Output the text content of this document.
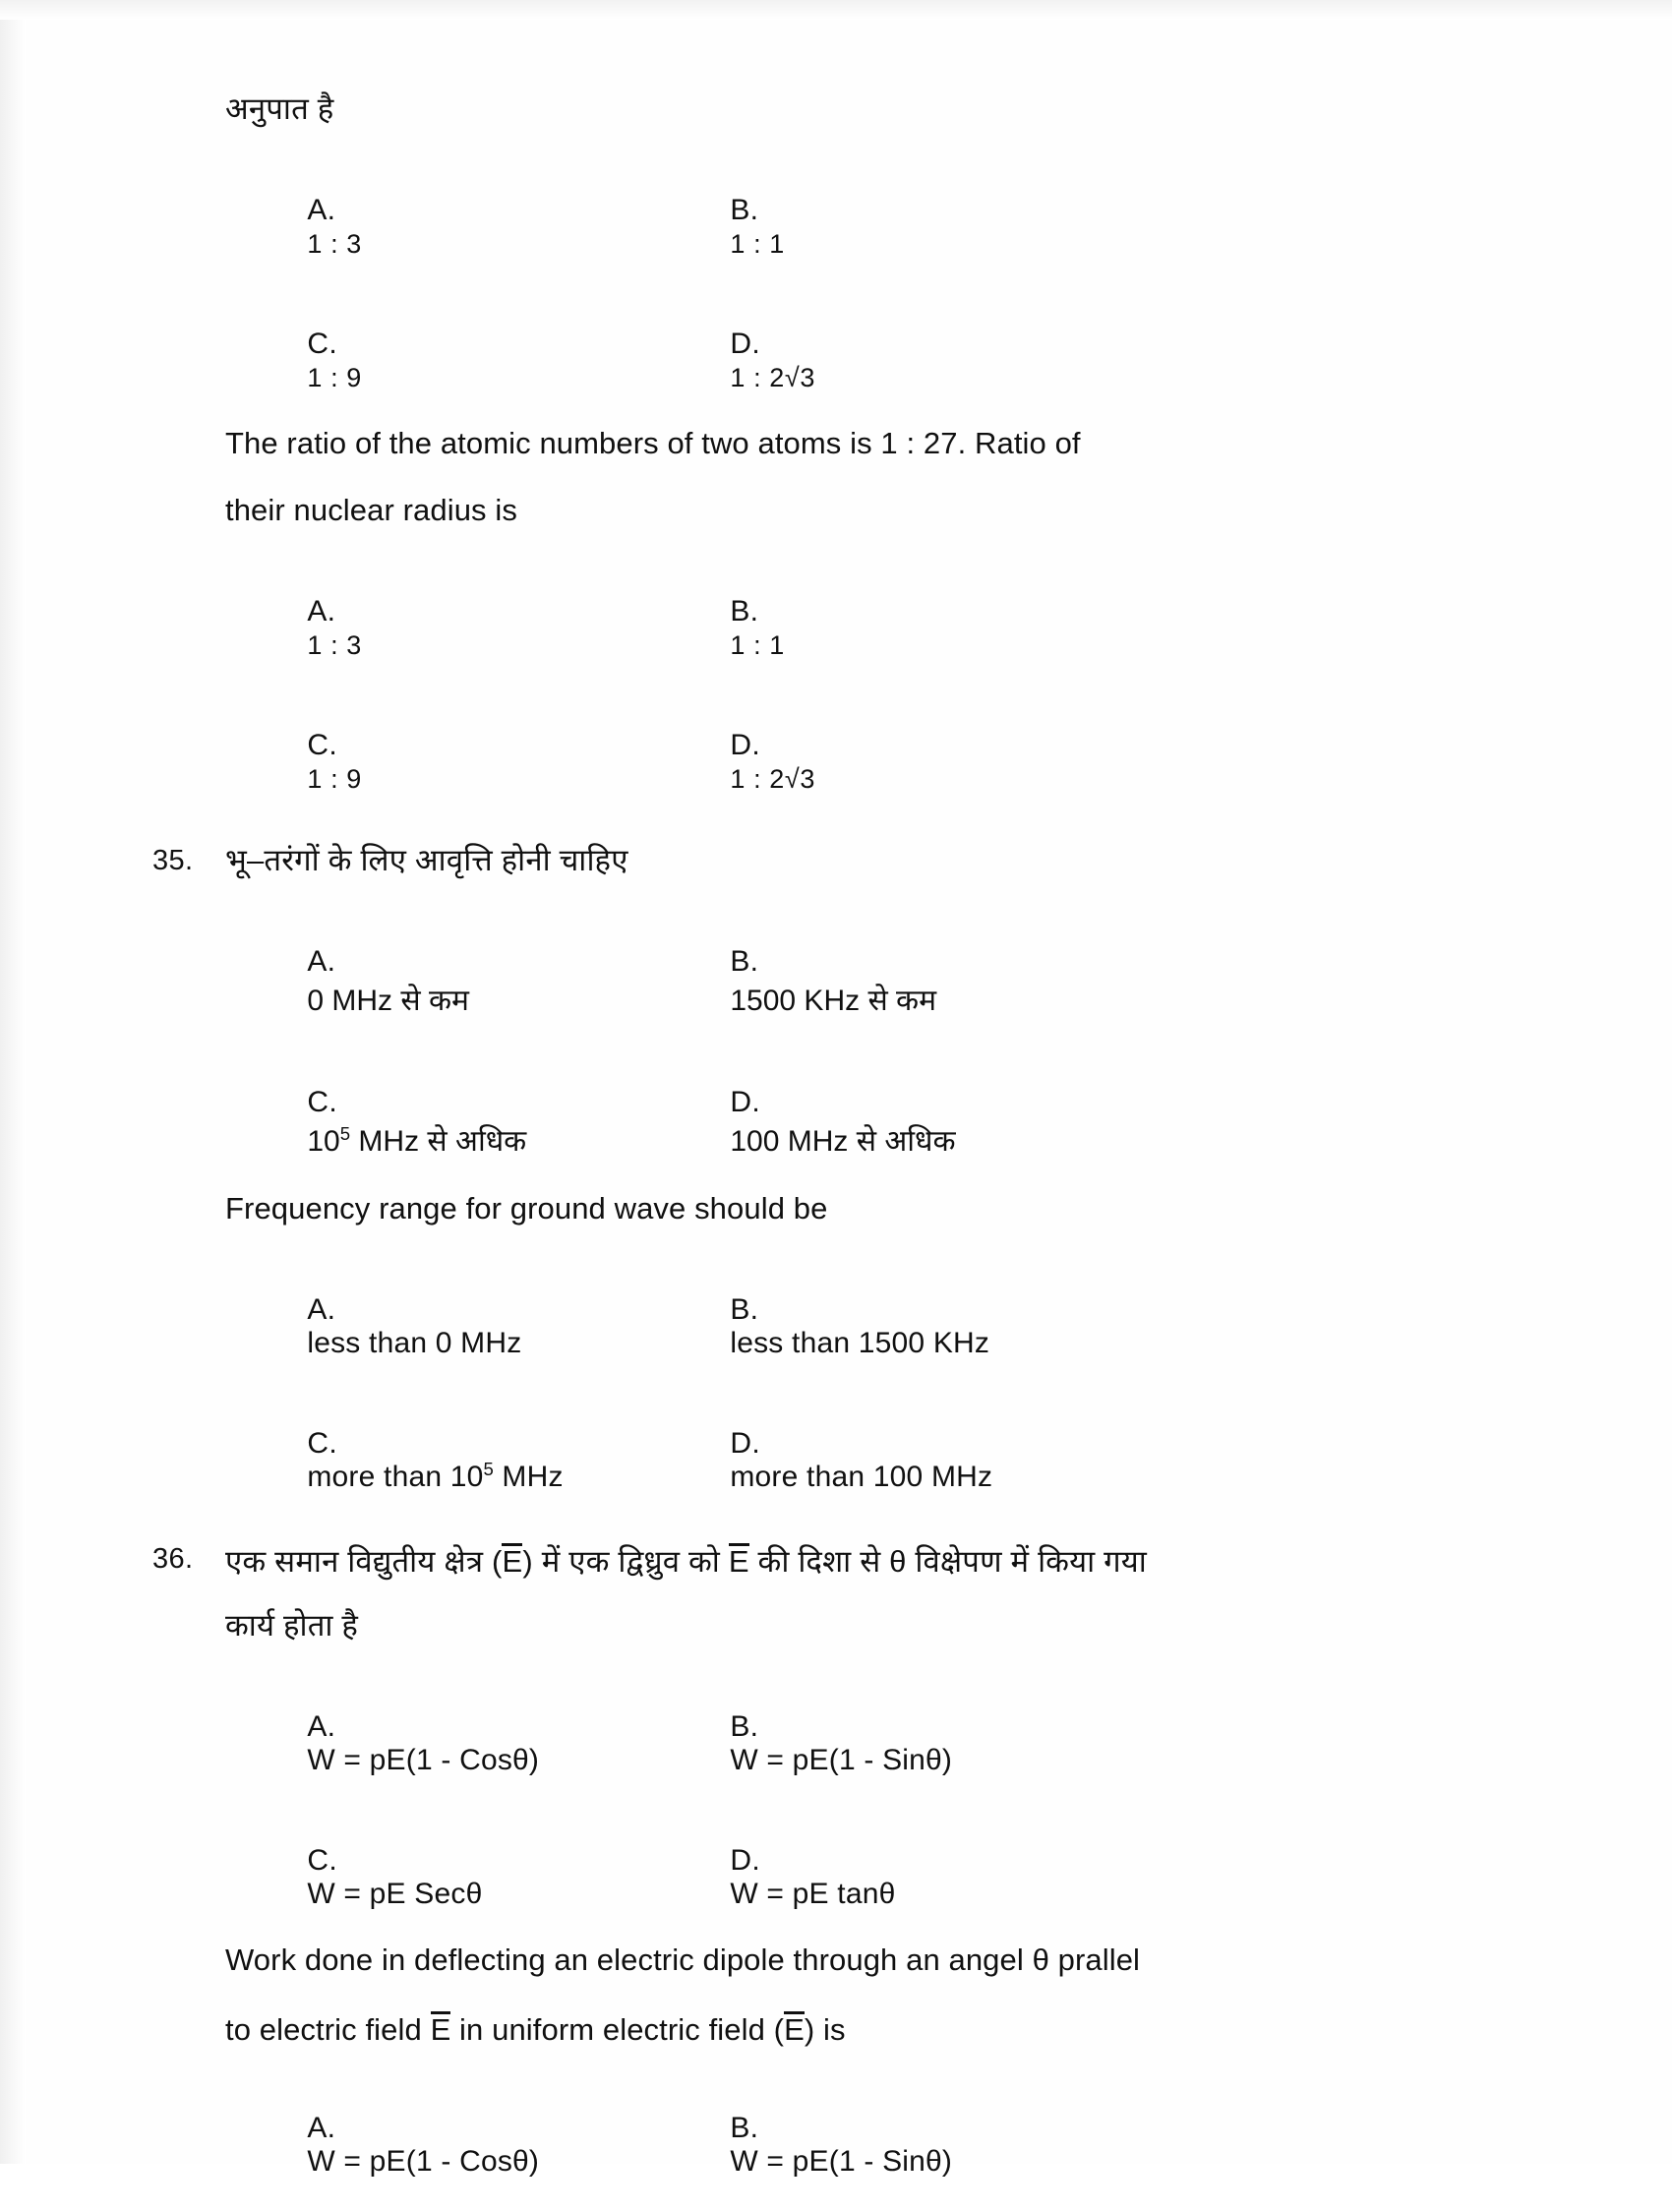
अनुपात है

A.
1 : 3

B.
1 : 1

C.
1 : 9

D.
1 : 2√3

The ratio of the atomic numbers of two atoms is 1 : 27. Ratio of
their nuclear radius is

A.
1 : 3

B.
1 : 1

C.
1 : 9

D.
1 : 2√3

35.	भू–तरंगों के लिए आवृत्ति होनी चाहिए

A.
0 MHz से कम

B.
1500 KHz से कम

C.
$10^5$ MHz से अधिक

D.
100 MHz से अधिक

Frequency range for ground wave should be

A.
less than 0 MHz

B.
less than 1500 KHz

C.
more than $10^5$ MHz

D.
more than 100 MHz

36.	एक समान विद्युतीय क्षेत्र (E) में एक द्विध्रुव को E की दिशा से θ विक्षेपण में किया गया
कार्य होता है

A.
W = pE(1 - Cosθ)

B.
W = pE(1 - Sinθ)

C.
W = pE Secθ

D.
W = pE tanθ

Work done in deflecting an electric dipole through an angel θ prallel
to electric field E in uniform electric field (E) is

A.
W = pE(1 - Cosθ)

B.
W = pE(1 - Sinθ)
